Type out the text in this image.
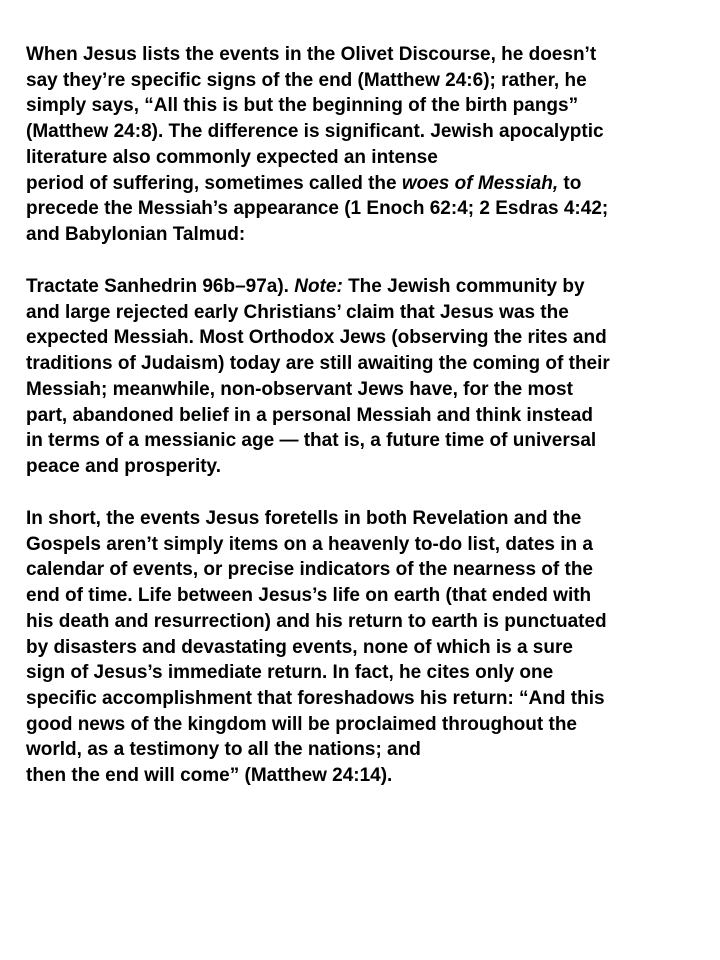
When Jesus lists the events in the Olivet Discourse, he doesn’t
say they’re specific signs of the end (Matthew 24:6); rather, he
simply says, “All this is but the beginning of the birth pangs”
(Matthew 24:8). The difference is significant. Jewish apocalyptic
literature also commonly expected an intense
period of suffering, sometimes called the woes of Messiah, to
precede the Messiah’s appearance (1 Enoch 62:4; 2 Esdras 4:42;
and Babylonian Talmud:
Tractate Sanhedrin 96b–97a). Note: The Jewish community by
and large rejected early Christians’ claim that Jesus was the
expected Messiah. Most Orthodox Jews (observing the rites and
traditions of Judaism) today are still awaiting the coming of their
Messiah; meanwhile, non-observant Jews have, for the most
part, abandoned belief in a personal Messiah and think instead
in terms of a messianic age — that is, a future time of universal
peace and prosperity.
In short, the events Jesus foretells in both Revelation and the
Gospels aren’t simply items on a heavenly to-do list, dates in a
calendar of events, or precise indicators of the nearness of the
end of time. Life between Jesus’s life on earth (that ended with
his death and resurrection) and his return to earth is punctuated
by disasters and devastating events, none of which is a sure
sign of Jesus’s immediate return. In fact, he cites only one
specific accomplishment that foreshadows his return: “And this
good news of the kingdom will be proclaimed throughout the
world, as a testimony to all the nations; and
then the end will come” (Matthew 24:14).
